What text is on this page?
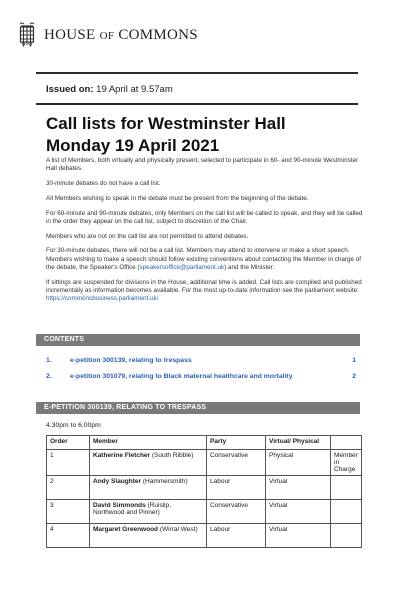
HOUSE OF COMMONS
Issued on: 19 April at 9.57am
Call lists for Westminster Hall
Monday 19 April 2021

A list of Members, both virtually and physically present, selected to participate in 60- and 90-minute Westminster Hall debates.

30-minute debates do not have a call list.

All Members wishing to speak in the debate must be present from the beginning of the debate.

For 60-minute and 90-minute debates, only Members on the call list will be called to speak, and they will be called in the order they appear on the call list, subject to discretion of the Chair.

Members who are not on the call list are not permitted to attend debates.

For 30-minute debates, there will not be a call list. Members may attend to intervene or make a short speech. Members wishing to make a speech should follow existing conventions about contacting the Member in charge of the debate, the Speaker's Office (speakersoffice@parliament.uk) and the Minister.

If sittings are suspended for divisions in the House, additional time is added. Call lists are compiled and published incrementally as information becomes available. For the most up-to-date information see the parliament website: https://commonsbusiness.parliament.uk/

CONTENTS
1.	e-petition 300139, relating to trespass	1
2.	e-petition 301079, relating to Black maternal healthcare and mortality	2
E-PETITION 300139, RELATING TO TRESPASS
4.30pm to 6.00pm
Order	Member	Party	Virtual/ Physical	
1	Katherine Fletcher (South Ribble)	Conservative	Physical	Member in Charge
2	Andy Slaughter (Hammersmith)	Labour	Virtual	
3	David Simmonds (Ruislip, Northwood and Pinner)	Conservative	Virtual	
4	Margaret Greenwood (Wirral West)	Labour	Virtual	
